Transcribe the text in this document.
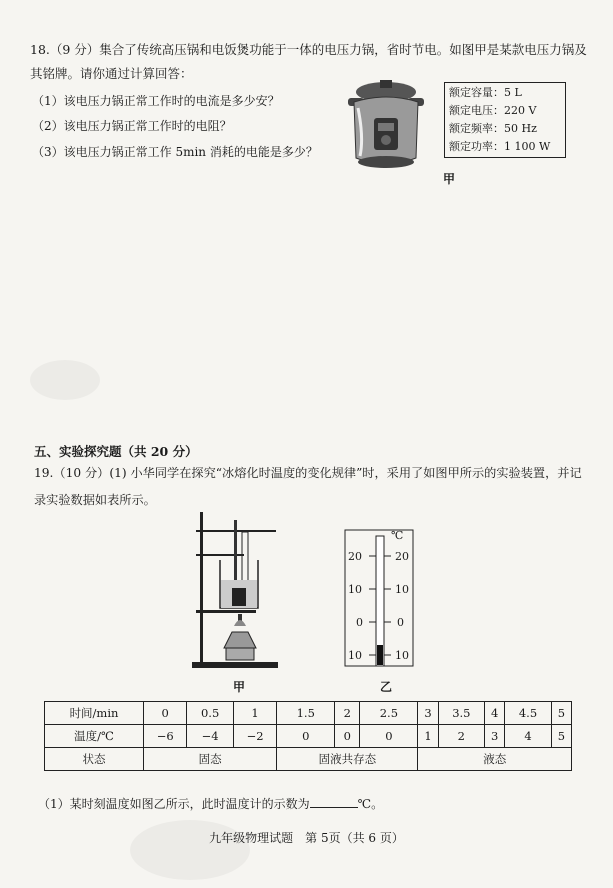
18.（9 分）集合了传统高压锅和电饭煲功能于一体的电压力锅，省时节电。如图甲是某款电压力锅及其铭牌。请你通过计算回答：
（1）该电压力锅正常工作时的电流是多少安？
（2）该电压力锅正常工作时的电阻？
（3）该电压力锅正常工作 5min 消耗的电能是多少？
额定容量：5 L
额定电压：220 V
额定频率：50 Hz
额定功率：1 100 W
甲
五、实验探究题（共 20 分）
19.（10 分）(1) 小华同学在探究“冰熔化时温度的变化规律”时，采用了如图甲所示的实验装置，并记录实验数据如表所示。
甲
℃
20
10
0
10
20
10
0
10
乙
时间/min	0	0.5	1	1.5	2	2.5	3	3.5	4	4.5	5
温度/℃	−6	−4	−2	0	0	0	1	2	3	4	5
状态	固态			固液共存态			液态				
（1）某时刻温度如图乙所示，此时温度计的示数为	℃。
九年级物理试题　第 5页（共 6 页）
